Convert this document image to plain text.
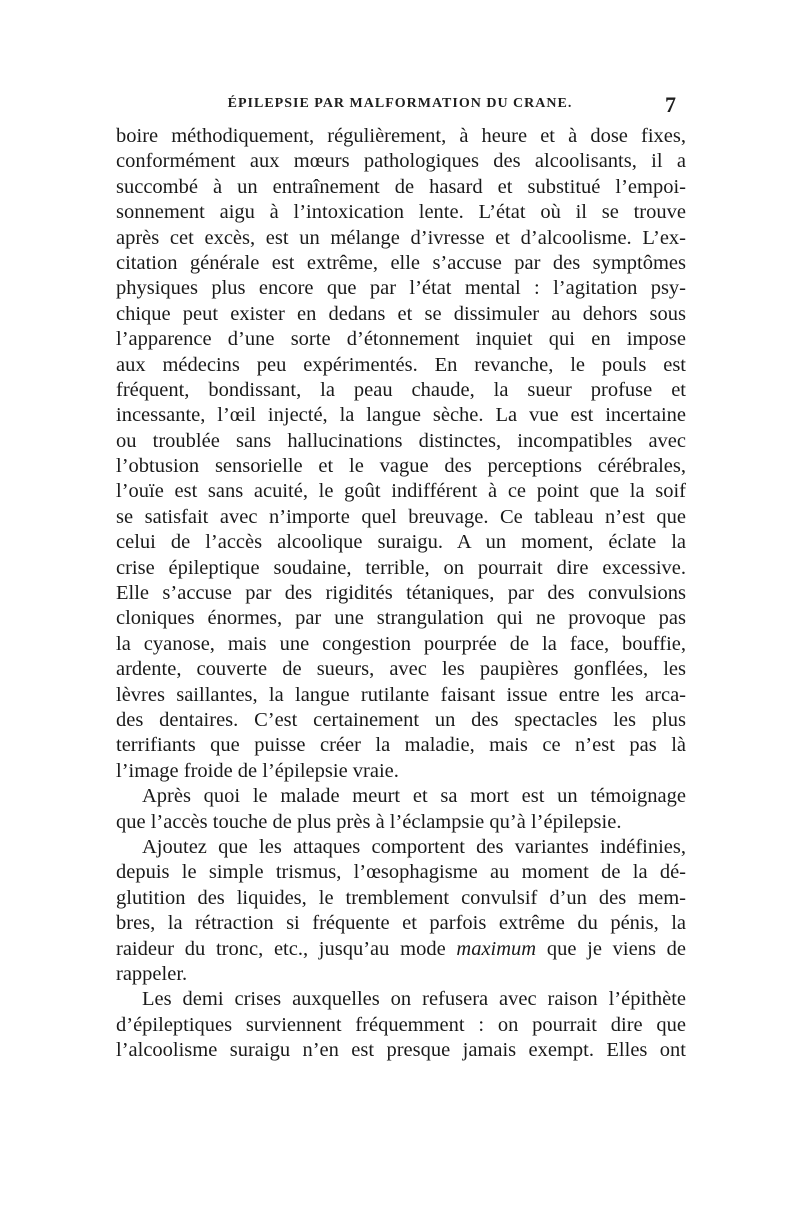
ÉPILEPSIE PAR MALFORMATION DU CRANE.	7
boire méthodiquement, régulièrement, à heure et à dose fixes,
conformément aux mœurs pathologiques des alcoolisants, il a
succombé à un entraînement de hasard et substitué l’empoi-
sonnement aigu à l’intoxication lente. L’état où il se trouve
après cet excès, est un mélange d’ivresse et d’alcoolisme. L’ex-
citation générale est extrême, elle s’accuse par des symptômes
physiques plus encore que par l’état mental : l’agitation psy-
chique peut exister en dedans et se dissimuler au dehors sous
l’apparence d’une sorte d’étonnement inquiet qui en impose
aux médecins peu expérimentés. En revanche, le pouls est
fréquent, bondissant, la peau chaude, la sueur profuse et
incessante, l’œil injecté, la langue sèche. La vue est incertaine
ou troublée sans hallucinations distinctes, incompatibles avec
l’obtusion sensorielle et le vague des perceptions cérébrales,
l’ouïe est sans acuité, le goût indifférent à ce point que la soif
se satisfait avec n’importe quel breuvage. Ce tableau n’est que
celui de l’accès alcoolique suraigu. A un moment, éclate la
crise épileptique soudaine, terrible, on pourrait dire excessive.
Elle s’accuse par des rigidités tétaniques, par des convulsions
cloniques énormes, par une strangulation qui ne provoque pas
la cyanose, mais une congestion pourprée de la face, bouffie,
ardente, couverte de sueurs, avec les paupières gonflées, les
lèvres saillantes, la langue rutilante faisant issue entre les arca-
des dentaires. C’est certainement un des spectacles les plus
terrifiants que puisse créer la maladie, mais ce n’est pas là
l’image froide de l’épilepsie vraie.
Après quoi le malade meurt et sa mort est un témoignage
que l’accès touche de plus près à l’éclampsie qu’à l’épilepsie.
Ajoutez que les attaques comportent des variantes indéfinies,
depuis le simple trismus, l’œsophagisme au moment de la dé-
glutition des liquides, le tremblement convulsif d’un des mem-
bres, la rétraction si fréquente et parfois extrême du pénis, la
raideur du tronc, etc., jusqu’au mode maximum que je viens de
rappeler.
Les demi crises auxquelles on refusera avec raison l’épithète
d’épileptiques surviennent fréquemment : on pourrait dire que
l’alcoolisme suraigu n’en est presque jamais exempt. Elles ont
